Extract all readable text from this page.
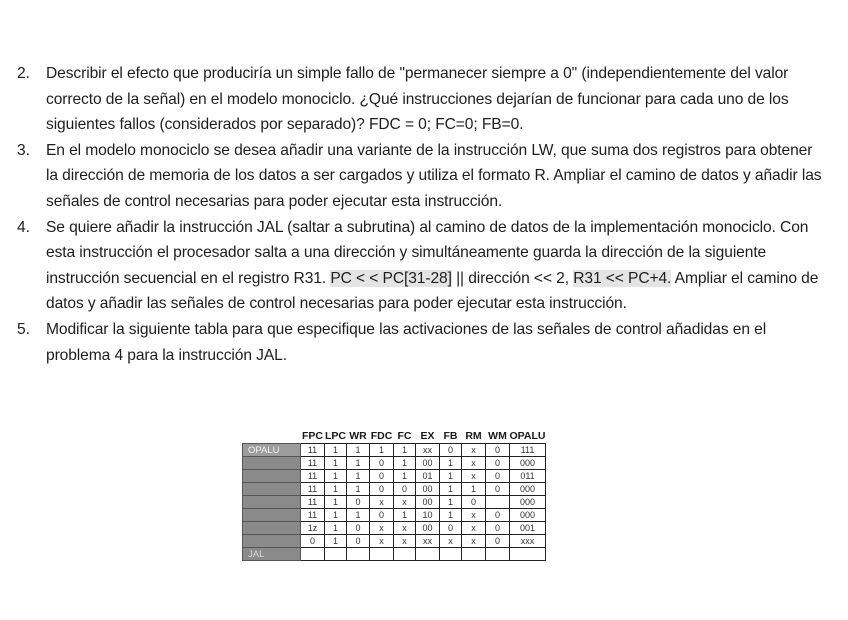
2.	Describir el efecto que produciría un simple fallo de "permanecer siempre a 0" (independientemente del valor correcto de la señal) en el modelo monociclo. ¿Qué instrucciones dejarían de funcionar para cada uno de los siguientes fallos (considerados por separado)? FDC = 0; FC=0; FB=0.
3.	En el modelo monociclo se desea añadir una variante de la instrucción LW, que suma dos registros para obtener la dirección de memoria de los datos a ser cargados y utiliza el formato R. Ampliar el camino de datos y añadir las señales de control necesarias para poder ejecutar esta instrucción.
4.	Se quiere añadir la instrucción JAL (saltar a subrutina) al camino de datos de la implementación monociclo. Con esta instrucción el procesador salta a una dirección y simultáneamente guarda la dirección de la siguiente instrucción secuencial en el registro R31. PC < < PC[31-28] || dirección << 2, R31 << PC+4. Ampliar el camino de datos y añadir las señales de control necesarias para poder ejecutar esta instrucción.
5.	Modificar la siguiente tabla para que especifique las activaciones de las señales de control añadidas en el problema 4 para la instrucción JAL.
	FPC	LPC	WR	FDC	FC	EX	FB	RM	WM	OPALU
OPALU	11	1	1	1	1	xx	0	x	0	111
	11	1	1	0	1	00	1	x	0	000
	11	1	1	0	1	01	1	x	0	011
	11	1	1	0	0	00	1	1	0	000
	11	1	0	x	x	00	1	0		000
	11	1	1	0	1	10	1	x	0	000
	1z	1	0	x	x	00	0	x	0	001
	0	1	0	x	x	xx	x	x	0	xxx
JAL										
